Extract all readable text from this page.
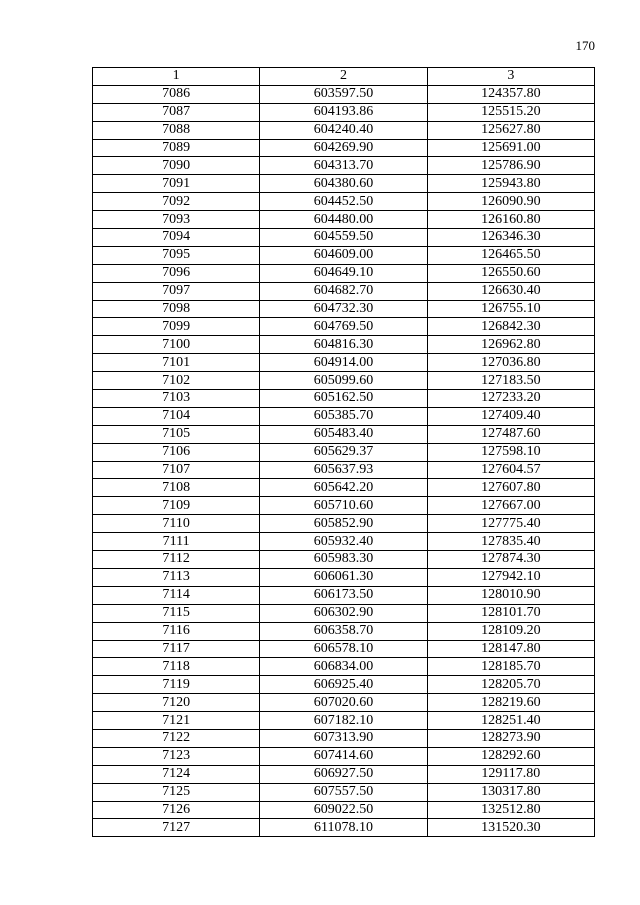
170
1	2	3
7086	603597.50	124357.80
7087	604193.86	125515.20
7088	604240.40	125627.80
7089	604269.90	125691.00
7090	604313.70	125786.90
7091	604380.60	125943.80
7092	604452.50	126090.90
7093	604480.00	126160.80
7094	604559.50	126346.30
7095	604609.00	126465.50
7096	604649.10	126550.60
7097	604682.70	126630.40
7098	604732.30	126755.10
7099	604769.50	126842.30
7100	604816.30	126962.80
7101	604914.00	127036.80
7102	605099.60	127183.50
7103	605162.50	127233.20
7104	605385.70	127409.40
7105	605483.40	127487.60
7106	605629.37	127598.10
7107	605637.93	127604.57
7108	605642.20	127607.80
7109	605710.60	127667.00
7110	605852.90	127775.40
7111	605932.40	127835.40
7112	605983.30	127874.30
7113	606061.30	127942.10
7114	606173.50	128010.90
7115	606302.90	128101.70
7116	606358.70	128109.20
7117	606578.10	128147.80
7118	606834.00	128185.70
7119	606925.40	128205.70
7120	607020.60	128219.60
7121	607182.10	128251.40
7122	607313.90	128273.90
7123	607414.60	128292.60
7124	606927.50	129117.80
7125	607557.50	130317.80
7126	609022.50	132512.80
7127	611078.10	131520.30
